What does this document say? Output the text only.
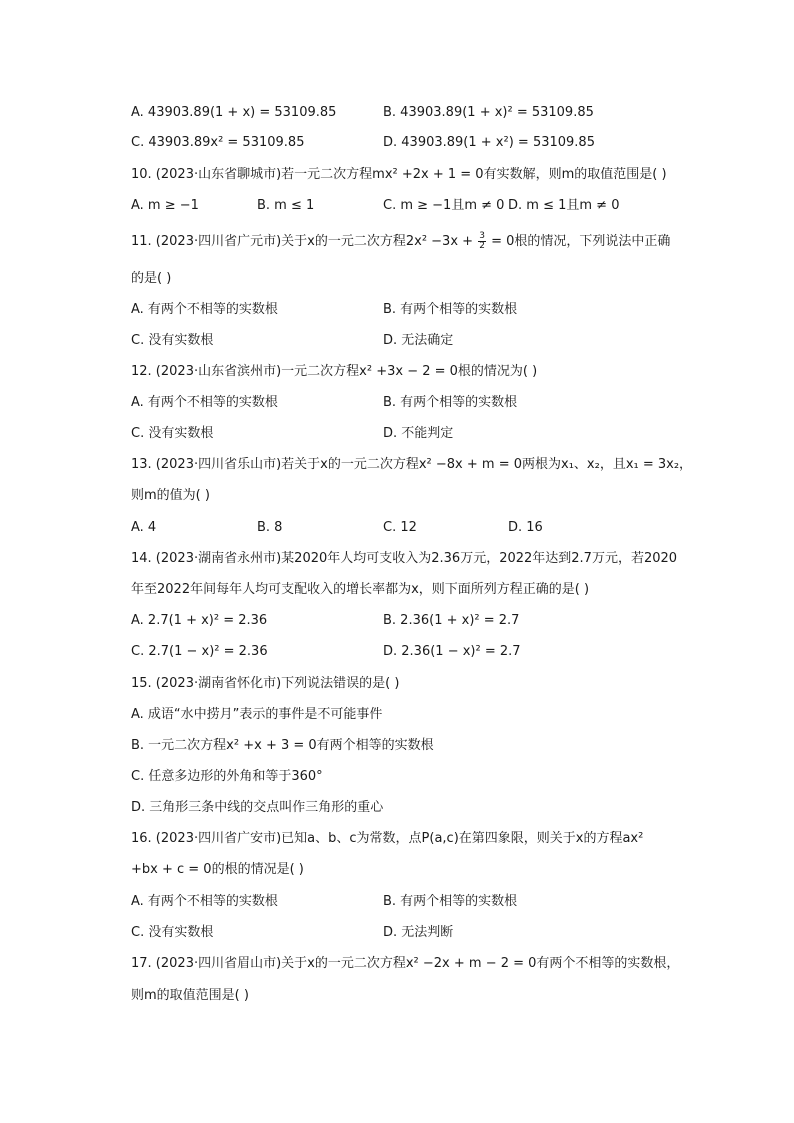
A. 43903.89(1 + x) = 53109.85	B. 43903.89(1 + x)² = 53109.85
C. 43903.89x² = 53109.85	D. 43903.89(1 + x²) = 53109.85
10. (2023·山东省聊城市)若一元二次方程mx² +2x + 1 = 0有实数解，则m的取值范围是( )
A. m ≥ −1	B. m ≤ 1	C. m ≥ −1且m ≠ 0 D. m ≤ 1且m ≠ 0
11. (2023·四川省广元市)关于x的一元二次方程$2x^2 -3x + \frac{3}{2} = 0$根的情况，下列说法中正确
的是( )
A. 有两个不相等的实数根	B. 有两个相等的实数根
C. 没有实数根	D. 无法确定
12. (2023·山东省滨州市)一元二次方程x² +3x − 2 = 0根的情况为( )
A. 有两个不相等的实数根	B. 有两个相等的实数根
C. 没有实数根	D. 不能判定
13. (2023·四川省乐山市)若关于x的一元二次方程x² −8x + m = 0两根为x₁、x₂，且x₁ = 3x₂，
则m的值为( )
A. 4	B. 8	C. 12	D. 16
14. (2023·湖南省永州市)某2020年人均可支收入为2.36万元，2022年达到2.7万元，若2020
年至2022年间每年人均可支配收入的增长率都为x，则下面所列方程正确的是( )
A. 2.7(1 + x)² = 2.36	B. 2.36(1 + x)² = 2.7
C. 2.7(1 − x)² = 2.36	D. 2.36(1 − x)² = 2.7
15. (2023·湖南省怀化市)下列说法错误的是( )
A. 成语“水中捞月”表示的事件是不可能事件
B. 一元二次方程x² +x + 3 = 0有两个相等的实数根
C. 任意多边形的外角和等于360°
D. 三角形三条中线的交点叫作三角形的重心
16. (2023·四川省广安市)已知a、b、c为常数，点P(a,c)在第四象限，则关于x的方程ax²
+bx + c = 0的根的情况是( )
A. 有两个不相等的实数根	B. 有两个相等的实数根
C. 没有实数根	D. 无法判断
17. (2023·四川省眉山市)关于x的一元二次方程x² −2x + m − 2 = 0有两个不相等的实数根，
则m的取值范围是( )
